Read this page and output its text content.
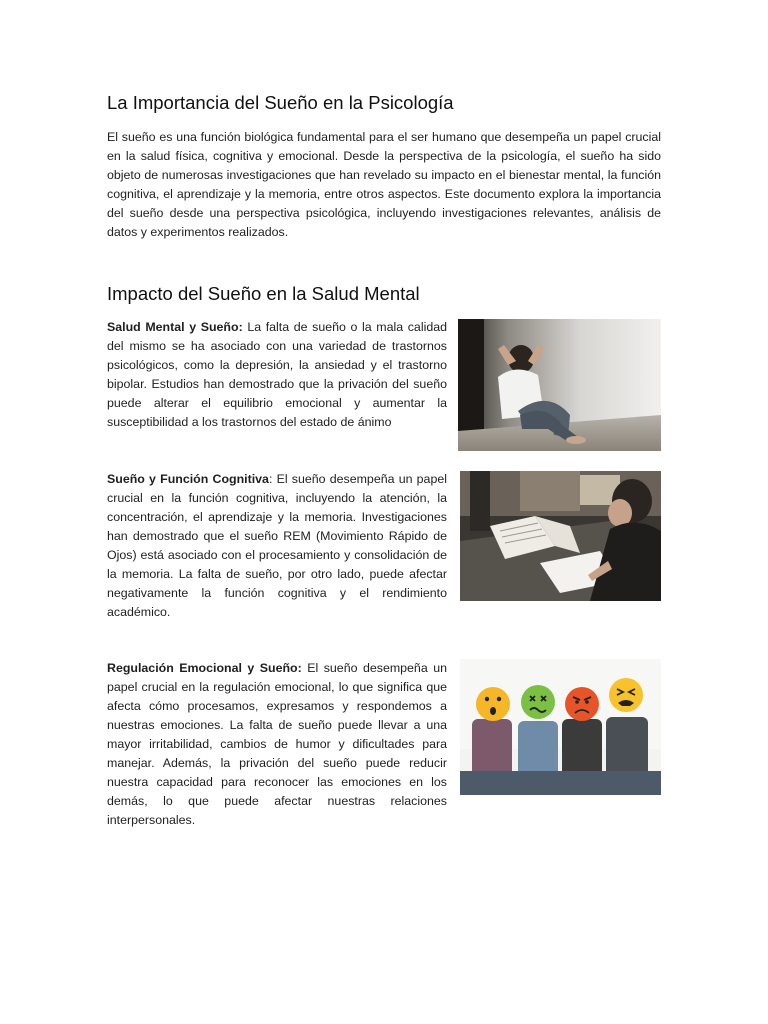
La Importancia del Sueño en la Psicología

El sueño es una función biológica fundamental para el ser humano que desempeña un papel crucial en la salud física, cognitiva y emocional. Desde la perspectiva de la psicología, el sueño ha sido objeto de numerosas investigaciones que han revelado su impacto en el bienestar mental, la función cognitiva, el aprendizaje y la memoria, entre otros aspectos. Este documento explora la importancia del sueño desde una perspectiva psicológica, incluyendo investigaciones relevantes, análisis de datos y experimentos realizados.

Impacto del Sueño en la Salud Mental

Salud Mental y Sueño: La falta de sueño o la mala calidad del mismo se ha asociado con una variedad de trastornos psicológicos, como la depresión, la ansiedad y el trastorno bipolar. Estudios han demostrado que la privación del sueño puede alterar el equilibrio emocional y aumentar la susceptibilidad a los trastornos del estado de ánimo

Sueño y Función Cognitiva: El sueño desempeña un papel crucial en la función cognitiva, incluyendo la atención, la concentración, el aprendizaje y la memoria. Investigaciones han demostrado que el sueño REM (Movimiento Rápido de Ojos) está asociado con el procesamiento y consolidación de la memoria. La falta de sueño, por otro lado, puede afectar negativamente la función cognitiva y el rendimiento académico.

Regulación Emocional y Sueño: El sueño desempeña un papel crucial en la regulación emocional, lo que significa que afecta cómo procesamos, expresamos y respondemos a nuestras emociones. La falta de sueño puede llevar a una mayor irritabilidad, cambios de humor y dificultades para manejar. Además, la privación del sueño puede reducir nuestra capacidad para reconocer las emociones en los demás, lo que puede afectar nuestras relaciones interpersonales.
